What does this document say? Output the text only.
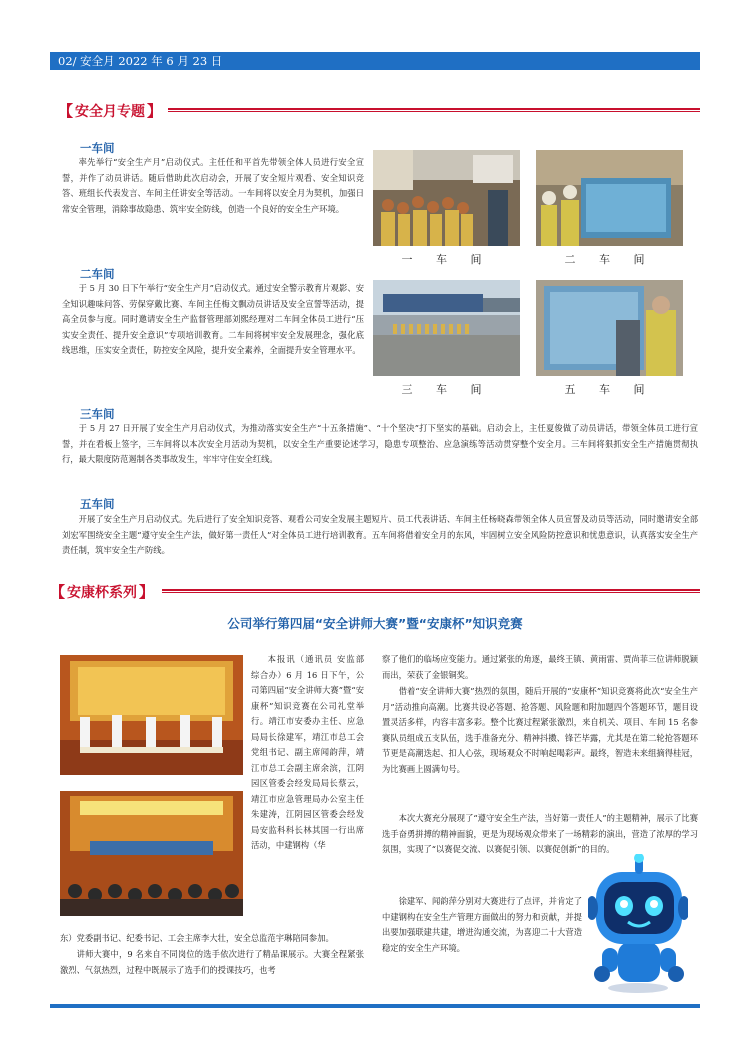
02/ 安全月 2022 年 6 月 23 日
【 安全月专题 】
一车间
率先举行“安全生产月”启动仪式。主任任和平首先带领全体人员进行安全宣誓，并作了动员讲话。随后借助此次启动会，开展了安全短片观看、安全知识竞答、班组长代表发言、车间主任讲安全等活动。一车间将以安全月为契机，加强日常安全管理，消除事故隐患、筑牢安全防线，创造一个良好的安全生产环境。
二车间
于 5 月 30 日下午举行“安全生产月”启动仪式。通过安全警示教育片观影、安全知识趣味问答、劳保穿戴比赛、车间主任梅文飘动员讲话及安全宣誓等活动，提高全员参与度。同时邀请安全生产监督管理部刘熙经理对二车间全体员工进行“压实安全责任、提升安全意识”专项培训教育。二车间将树牢安全发展理念，强化底线思维，压实安全责任，防控安全风险，提升安全素养，全面提升安全管理水平。
一 车 间	二 车 间
三 车 间	五 车 间
三车间
于 5 月 27 日开展了安全生产月启动仪式，为推动落实安全生产“十五条措施”、“十个坚决”打下坚实的基础。启动会上，主任夏俊做了动员讲话，带领全体员工进行宣誓，并在看板上签字，三车间将以本次安全月活动为契机，以安全生产重要论述学习，隐患专项整治、应急演练等活动贯穿整个安全月。三车间将狠抓安全生产措施贯彻执行，最大限度防范遏制各类事故发生，牢牢守住安全红线。
五车间
开展了安全生产月启动仪式。先后进行了安全知识竞答、观看公司安全发展主题短片、员工代表讲话、车间主任杨晓森带领全体人员宣誓及动员等活动，同时邀请安全部刘宏军围绕安全主题“遵守安全生产法，做好第一责任人”对全体员工进行培训教育。五车间将借着安全月的东风，牢固树立安全风险防控意识和忧患意识，认真落实安全生产责任制，筑牢安全生产防线。
【 安康杯系列 】
公司举行第四届“安全讲师大赛”暨“安康杯”知识竞赛
本报讯（通讯员 安监部 综合办）6 月 16 日下午，公司第四届“安全讲师大赛”暨“安康杯”知识竞赛在公司礼堂举行。靖江市安委办主任、应急局局长徐建军，靖江市总工会党组书记、副主席闻韵萍，靖江市总工会副主席余滨，江阴园区管委会经发局局长蔡云，靖江市应急管理局办公室主任朱建涛，江阴园区管委会经发局安监科科长林其国一行出席活动，中建钢构（华
东）党委副书记、纪委书记、工会主席李大壮，安全总监范宇琳陪同参加。
讲师大赛中，9 名来自不同岗位的选手依次进行了精品课展示。大赛全程紧张激烈、气氛热烈，过程中既展示了选手们的授课技巧，也考
察了他们的临场应变能力。通过紧张的角逐，最终王镇、黄雨雷、贾尚菲三位讲师脱颖而出，荣获了金银铜奖。
借着“安全讲师大赛”热烈的氛围，随后开展的“安康杯”知识竞赛将此次“安全生产月”活动推向高潮。比赛共设必答题、抢答题、风险题和附加题四个答题环节，题目设置灵活多样，内容丰富多彩。整个比赛过程紧张激烈，来自机关、项目、车间 15 名参赛队员组成五支队伍，选手准备充分、精神抖擞、锋芒毕露，尤其是在第二轮抢答题环节更是高潮迭起、扣人心弦，现场观众不时响起喝彩声。最终，智造未来组摘得桂冠，为比赛画上圆满句号。
本次大赛充分展现了“遵守安全生产法，当好第一责任人”的主题精神，展示了比赛选手奋勇拼搏的精神面貌，更是为现场观众带来了一场精彩的演出，营造了浓厚的学习氛围，实现了“以赛促交流、以赛促引领、以赛促创新”的目的。
徐建军、闻韵萍分别对大赛进行了点评，并肯定了中建钢构在安全生产管理方面做出的努力和贡献，并提出要加强联建共建，增进沟通交流，为喜迎二十大营造稳定的安全生产环境。
